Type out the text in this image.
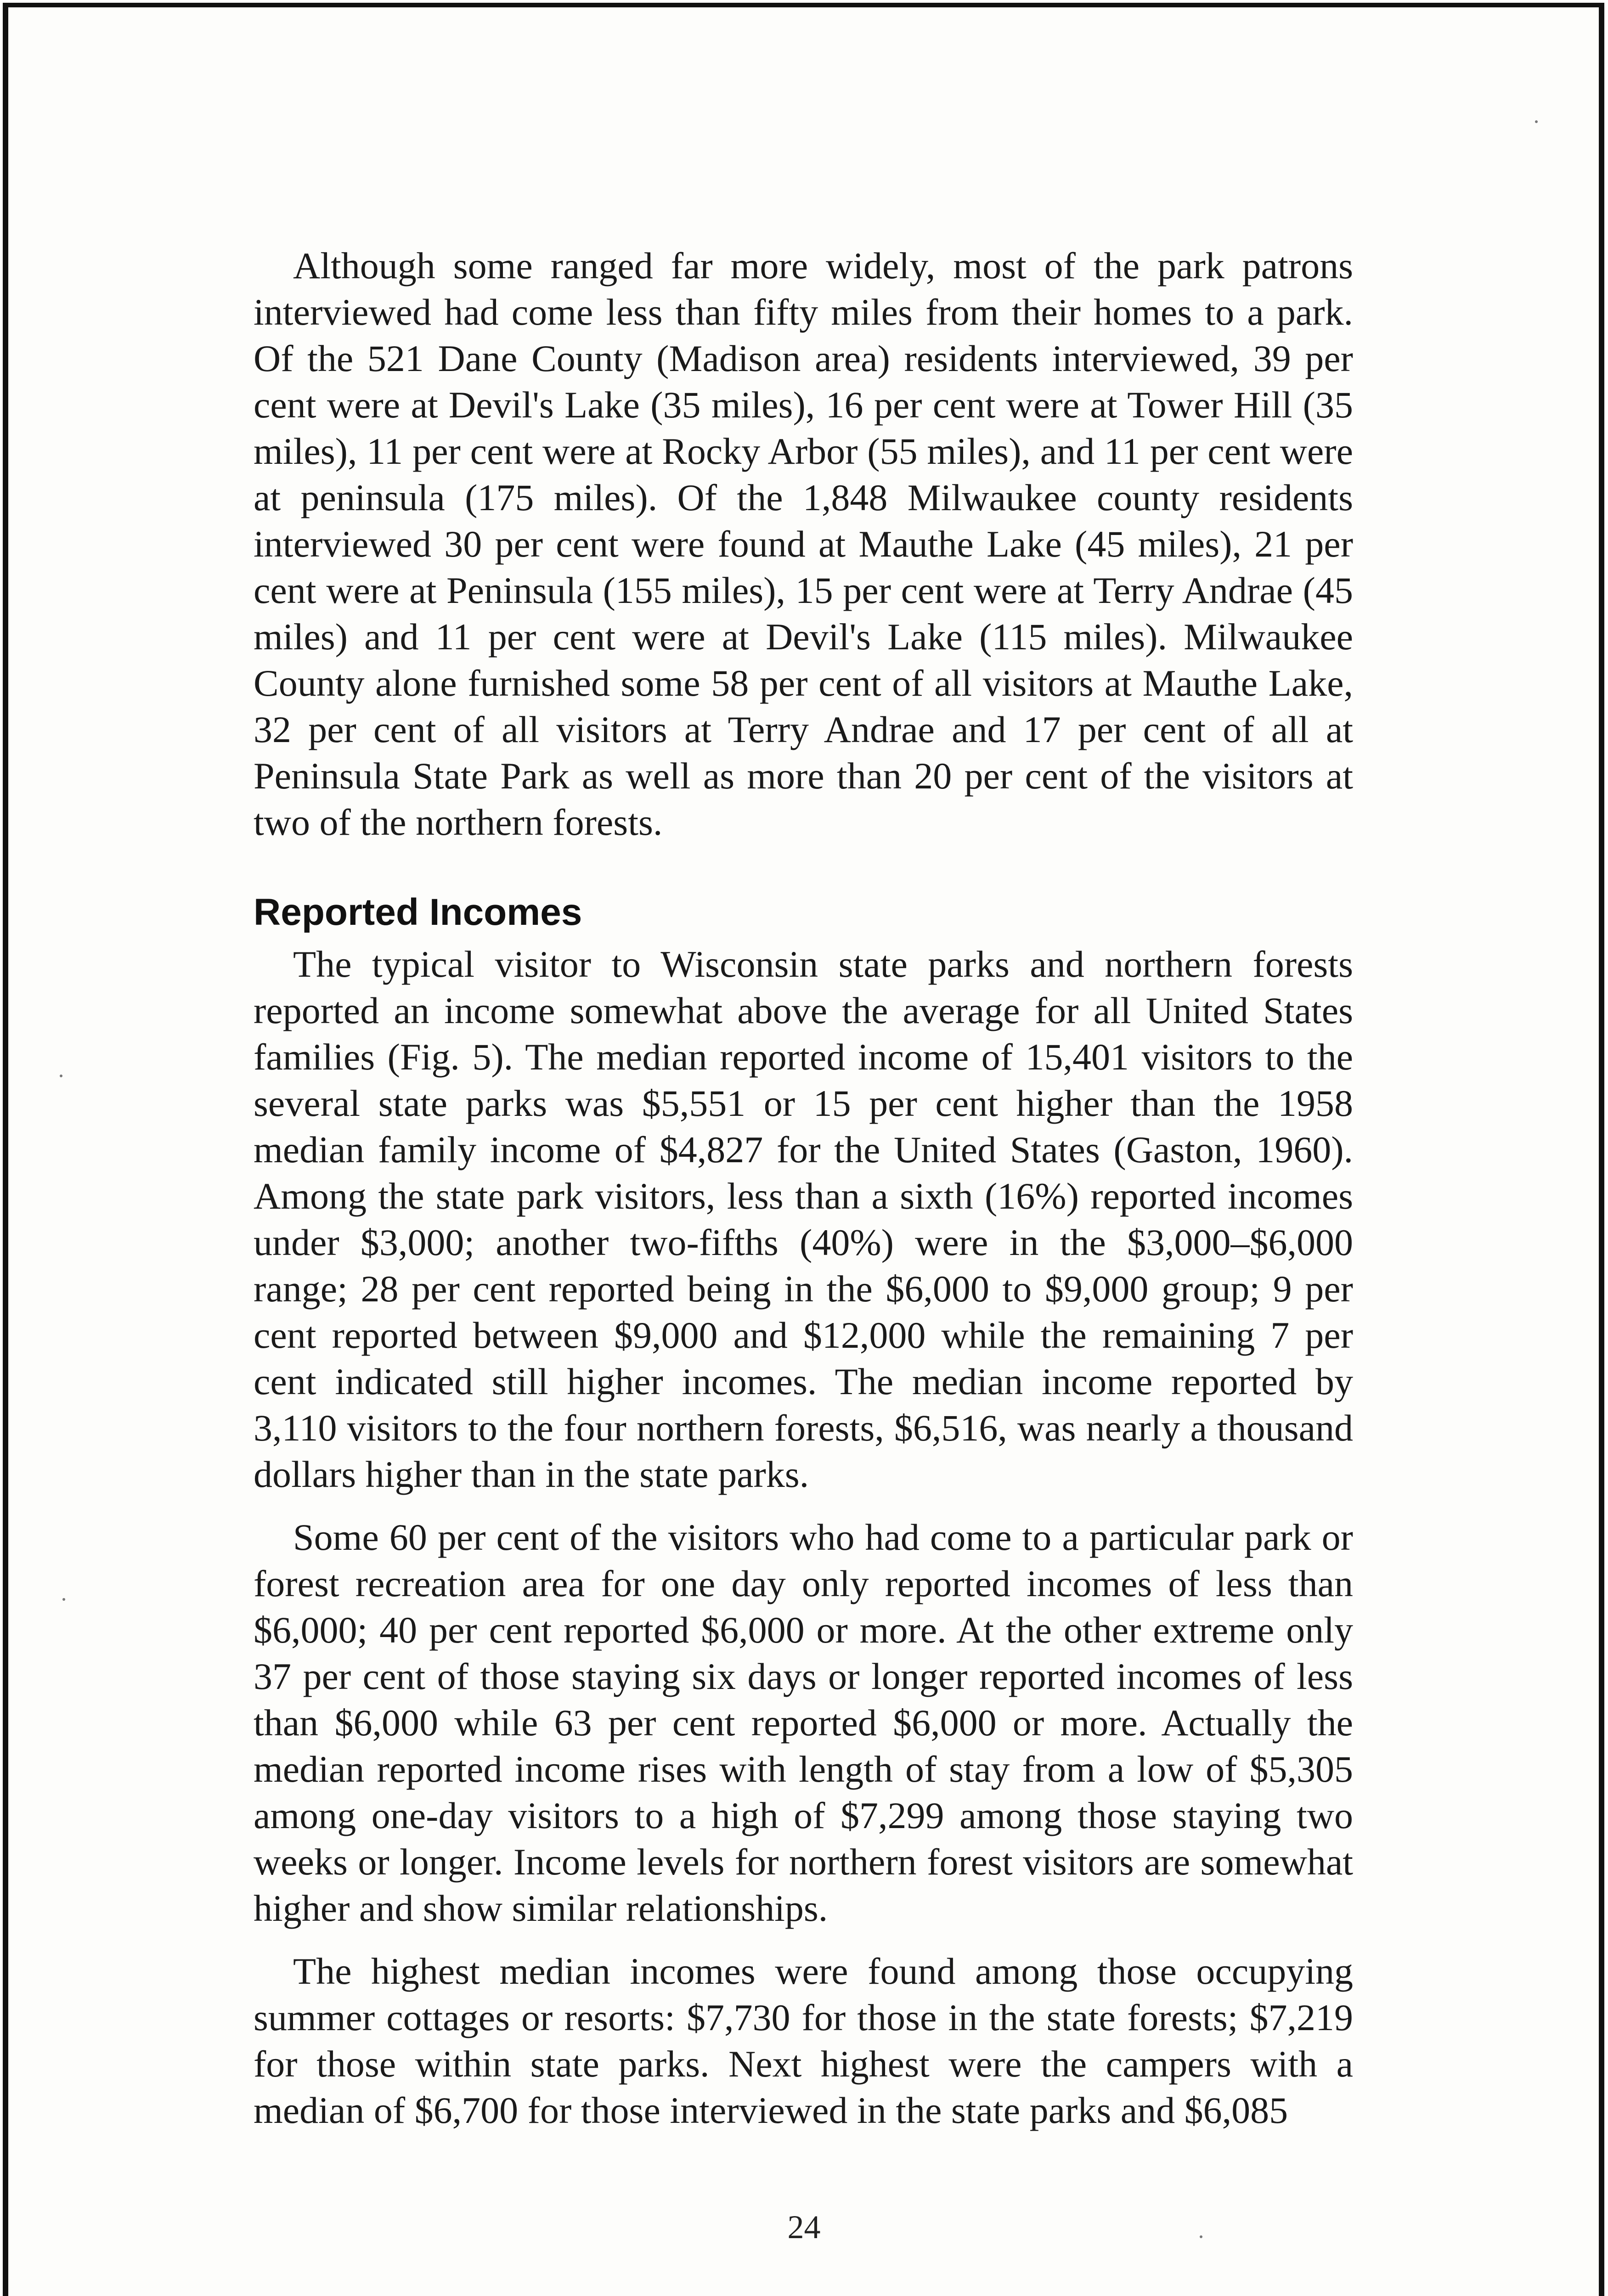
Although some ranged far more widely, most of the park patrons interviewed had come less than fifty miles from their homes to a park. Of the 521 Dane County (Madison area) residents interviewed, 39 per cent were at Devil's Lake (35 miles), 16 per cent were at Tower Hill (35 miles), 11 per cent were at Rocky Arbor (55 miles), and 11 per cent were at peninsula (175 miles). Of the 1,848 Milwaukee county residents interviewed 30 per cent were found at Mauthe Lake (45 miles), 21 per cent were at Peninsula (155 miles), 15 per cent were at Terry Andrae (45 miles) and 11 per cent were at Devil's Lake (115 miles). Milwaukee County alone furnished some 58 per cent of all visitors at Mauthe Lake, 32 per cent of all visitors at Terry Andrae and 17 per cent of all at Peninsula State Park as well as more than 20 per cent of the visitors at two of the northern forests.

Reported Incomes

The typical visitor to Wisconsin state parks and northern forests reported an income somewhat above the average for all United States families (Fig. 5). The median reported income of 15,401 visitors to the several state parks was $5,551 or 15 per cent higher than the 1958 median family income of $4,827 for the United States (Gaston, 1960). Among the state park visitors, less than a sixth (16%) reported incomes under $3,000; another two-fifths (40%) were in the $3,000–$6,000 range; 28 per cent reported being in the $6,000 to $9,000 group; 9 per cent reported between $9,000 and $12,000 while the remaining 7 per cent indicated still higher incomes. The median income reported by 3,110 visitors to the four northern forests, $6,516, was nearly a thousand dollars higher than in the state parks.

Some 60 per cent of the visitors who had come to a particular park or forest recreation area for one day only reported incomes of less than $6,000; 40 per cent reported $6,000 or more. At the other extreme only 37 per cent of those staying six days or longer reported incomes of less than $6,000 while 63 per cent reported $6,000 or more. Actually the median reported income rises with length of stay from a low of $5,305 among one-day visitors to a high of $7,299 among those staying two weeks or longer. Income levels for northern forest visitors are somewhat higher and show similar relationships.

The highest median incomes were found among those occupying summer cottages or resorts: $7,730 for those in the state forests; $7,219 for those within state parks. Next highest were the campers with a median of $6,700 for those interviewed in the state parks and $6,085

24
